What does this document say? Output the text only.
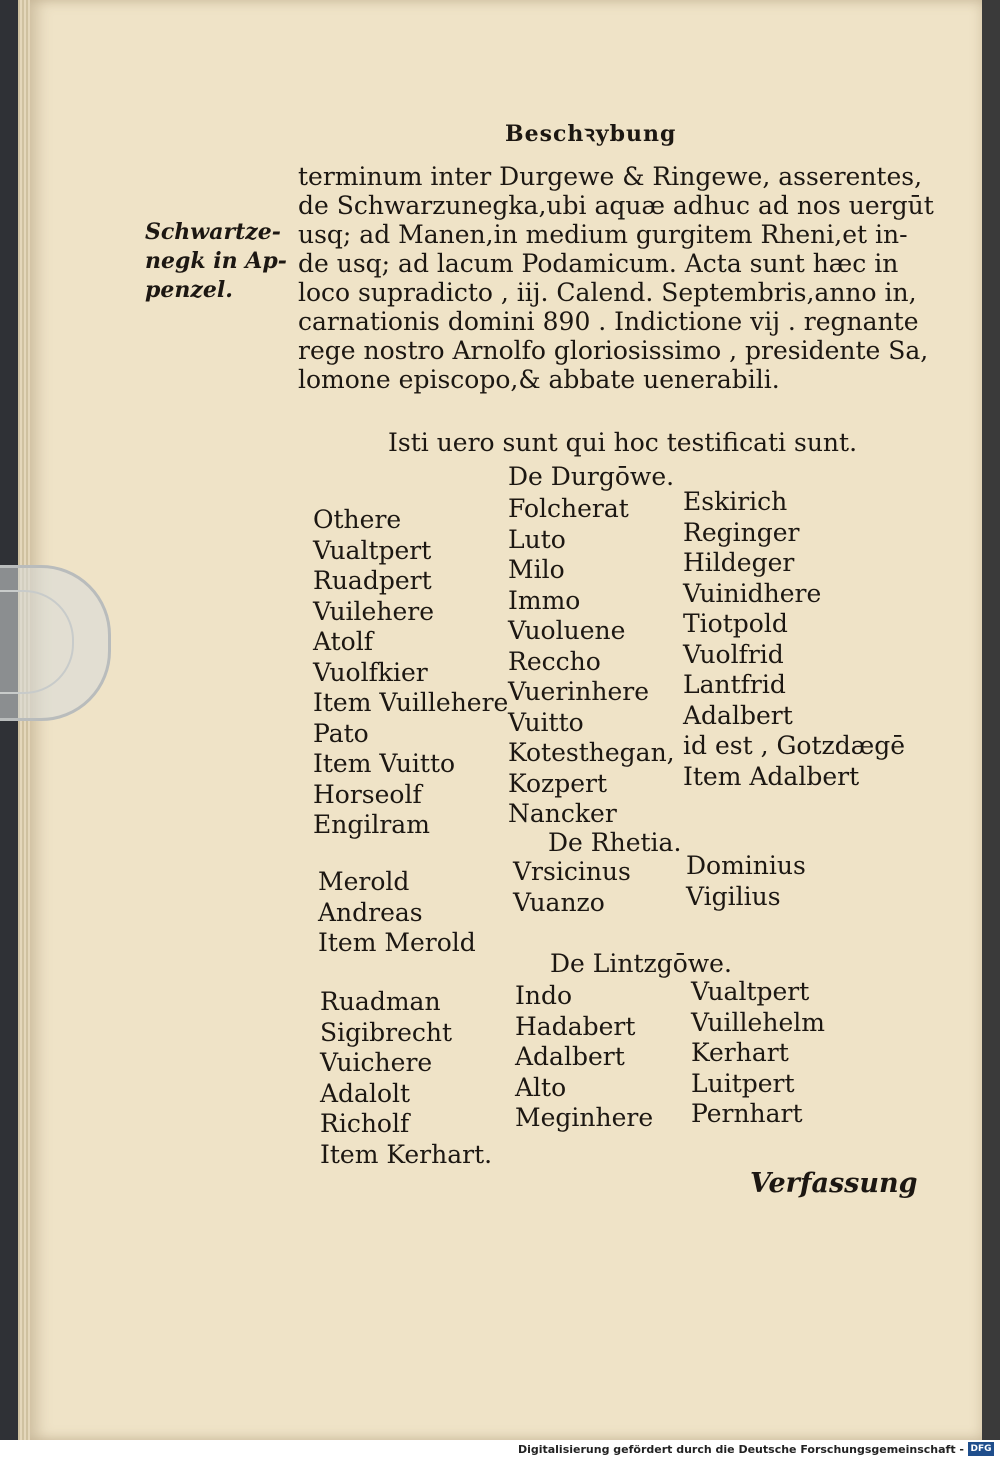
Beschꝛybung
Schwartze-
negk in Ap-
penzel.
terminum inter Durgewe & Ringewe, asserentes,
de Schwarzunegka,ubi aquæ adhuc ad nos uergūt
usq; ad Manen,in medium gurgitem Rheni,et in-
de usq; ad lacum Podamicum. Acta sunt hæc in
loco supradicto , iij. Calend. Septembris,anno in,
carnationis domini 890 . Indictione vij . regnante
rege nostro Arnolfo gloriosissimo , presidente Sa,
lomone episcopo,& abbate uenerabili.
Isti uero sunt qui hoc testificati sunt.
De Durgōwe.
Othere
Vualtpert
Ruadpert
Vuilehere
Atolf
Vuolfkier
Item Vuillehere
Pato
Item Vuitto
Horseolf
Engilram
Folcherat
Luto
Milo
Immo
Vuoluene
Reccho
Vuerinhere
Vuitto
Kotesthegan,
Kozpert
Nancker
Eskirich
Reginger
Hildeger
Vuinidhere
Tiotpold
Vuolfrid
Lantfrid
Adalbert
id est , Gotzdægē
Item Adalbert
De Rhetia.
Merold
Andreas
Item Merold
Vrsicinus
Vuanzo
Dominius
Vigilius
De Lintzgōwe.
Ruadman
Sigibrecht
Vuichere
Adalolt
Richolf
Item Kerhart.
Indo
Hadabert
Adalbert
Alto
Meginhere
Vualtpert
Vuillehelm
Kerhart
Luitpert
Pernhart
Verfassung
Digitalisierung gefördert durch die Deutsche Forschungsgemeinschaft - DFG
